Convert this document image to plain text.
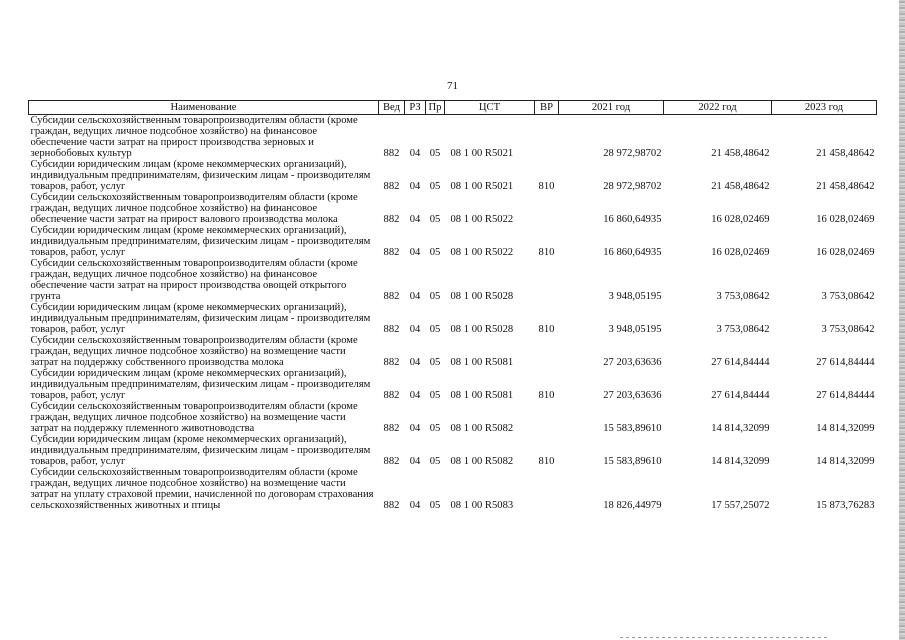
71
Наименование	Вед	РЗ	Пр	ЦСТ	ВР	2021 год	2022 год	2023 год
Субсидии сельскохозяйственным товаропроизводителям области (кроме граждан, ведущих личное подсобное хозяйство) на финансовое обеспечение части затрат на прирост производства зерновых и зернобобовых культур	882	04	05	08 1 00 R5021		28 972,98702	21 458,48642	21 458,48642
Субсидии юридическим лицам (кроме некоммерческих организаций), индивидуальным предпринимателям, физическим лицам - производителям товаров, работ, услуг	882	04	05	08 1 00 R5021	810	28 972,98702	21 458,48642	21 458,48642
Субсидии сельскохозяйственным товаропроизводителям области (кроме граждан, ведущих личное подсобное хозяйство) на финансовое обеспечение части затрат на прирост валового производства молока	882	04	05	08 1 00 R5022		16 860,64935	16 028,02469	16 028,02469
Субсидии юридическим лицам (кроме некоммерческих организаций), индивидуальным предпринимателям, физическим лицам - производителям товаров, работ, услуг	882	04	05	08 1 00 R5022	810	16 860,64935	16 028,02469	16 028,02469
Субсидии сельскохозяйственным товаропроизводителям области (кроме граждан, ведущих личное подсобное хозяйство) на финансовое обеспечение части затрат на прирост производства овощей открытого грунта	882	04	05	08 1 00 R5028		3 948,05195	3 753,08642	3 753,08642
Субсидии юридическим лицам (кроме некоммерческих организаций), индивидуальным предпринимателям, физическим лицам - производителям товаров, работ, услуг	882	04	05	08 1 00 R5028	810	3 948,05195	3 753,08642	3 753,08642
Субсидии сельскохозяйственным товаропроизводителям области (кроме граждан, ведущих личное подсобное хозяйство) на возмещение части затрат на поддержку собственного производства молока	882	04	05	08 1 00 R5081		27 203,63636	27 614,84444	27 614,84444
Субсидии юридическим лицам (кроме некоммерческих организаций), индивидуальным предпринимателям, физическим лицам - производителям товаров, работ, услуг	882	04	05	08 1 00 R5081	810	27 203,63636	27 614,84444	27 614,84444
Субсидии сельскохозяйственным товаропроизводителям области (кроме граждан, ведущих личное подсобное хозяйство) на возмещение части затрат на поддержку племенного животноводства	882	04	05	08 1 00 R5082		15 583,89610	14 814,32099	14 814,32099
Субсидии юридическим лицам (кроме некоммерческих организаций), индивидуальным предпринимателям, физическим лицам - производителям товаров, работ, услуг	882	04	05	08 1 00 R5082	810	15 583,89610	14 814,32099	14 814,32099
Субсидии сельскохозяйственным товаропроизводителям области (кроме граждан, ведущих личное подсобное хозяйство) на возмещение части затрат на уплату страховой премии, начисленной по договорам страхования сельскохозяйственных животных и птицы	882	04	05	08 1 00 R5083		18 826,44979	17 557,25072	15 873,76283
